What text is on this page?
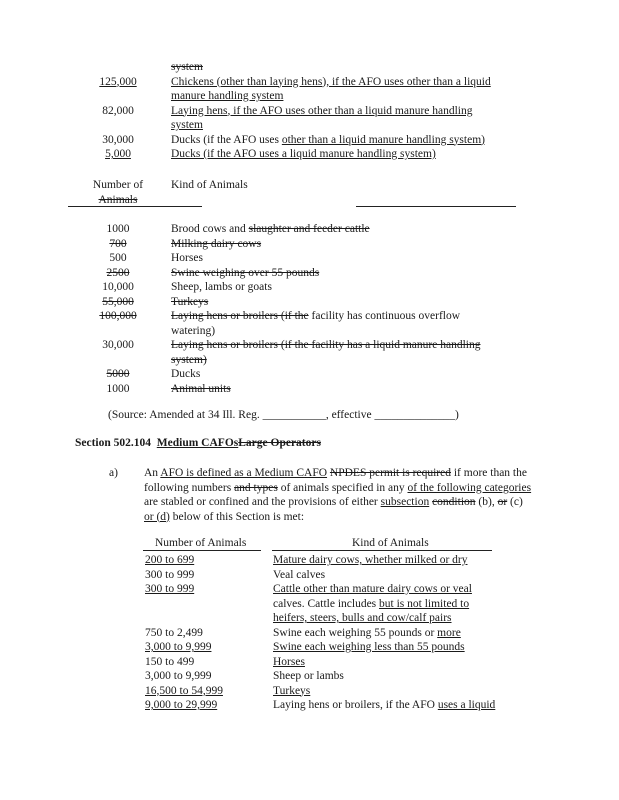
system
125,000	Chickens (other than laying hens), if the AFO uses other than a liquid
manure handling system
82,000	Laying hens, if the AFO uses other than a liquid manure handling
system
30,000	Ducks (if the AFO uses other than a liquid manure handling system)
5,000	Ducks (if the AFO uses a liquid manure handling system)
Number of
Animals
Kind of Animals
1000	Brood cows and slaughter and feeder cattle
700	Milking dairy cows
500	Horses
2500	Swine weighing over 55 pounds
10,000	Sheep, lambs or goats
55,000	Turkeys
100,000	Laying hens or broilers (if the facility has continuous overflow
watering)
30,000	Laying hens or broilers (if the facility has a liquid manure handling
system)
5000	Ducks
1000	Animal units
(Source: Amended at 34 Ill. Reg. ___________, effective ______________)
Section 502.104 Medium CAFOsLarge Operators
a) An AFO is defined as a Medium CAFO NPDES permit is required if more than the
following numbers and types of animals specified in any of the following categories
are stabled or confined and the provisions of either subsection condition (b), or (c)
or (d) below of this Section is met:
Number of Animals	Kind of Animals
200 to 699	Mature dairy cows, whether milked or dry
300 to 999	Veal calves
300 to 999	Cattle other than mature dairy cows or veal
calves. Cattle includes but is not limited to
heifers, steers, bulls and cow/calf pairs
750 to 2,499	Swine each weighing 55 pounds or more
3,000 to 9,999	Swine each weighing less than 55 pounds
150 to 499	Horses
3,000 to 9,999	Sheep or lambs
16,500 to 54,999	Turkeys
9,000 to 29,999	Laying hens or broilers, if the AFO uses a liquid
